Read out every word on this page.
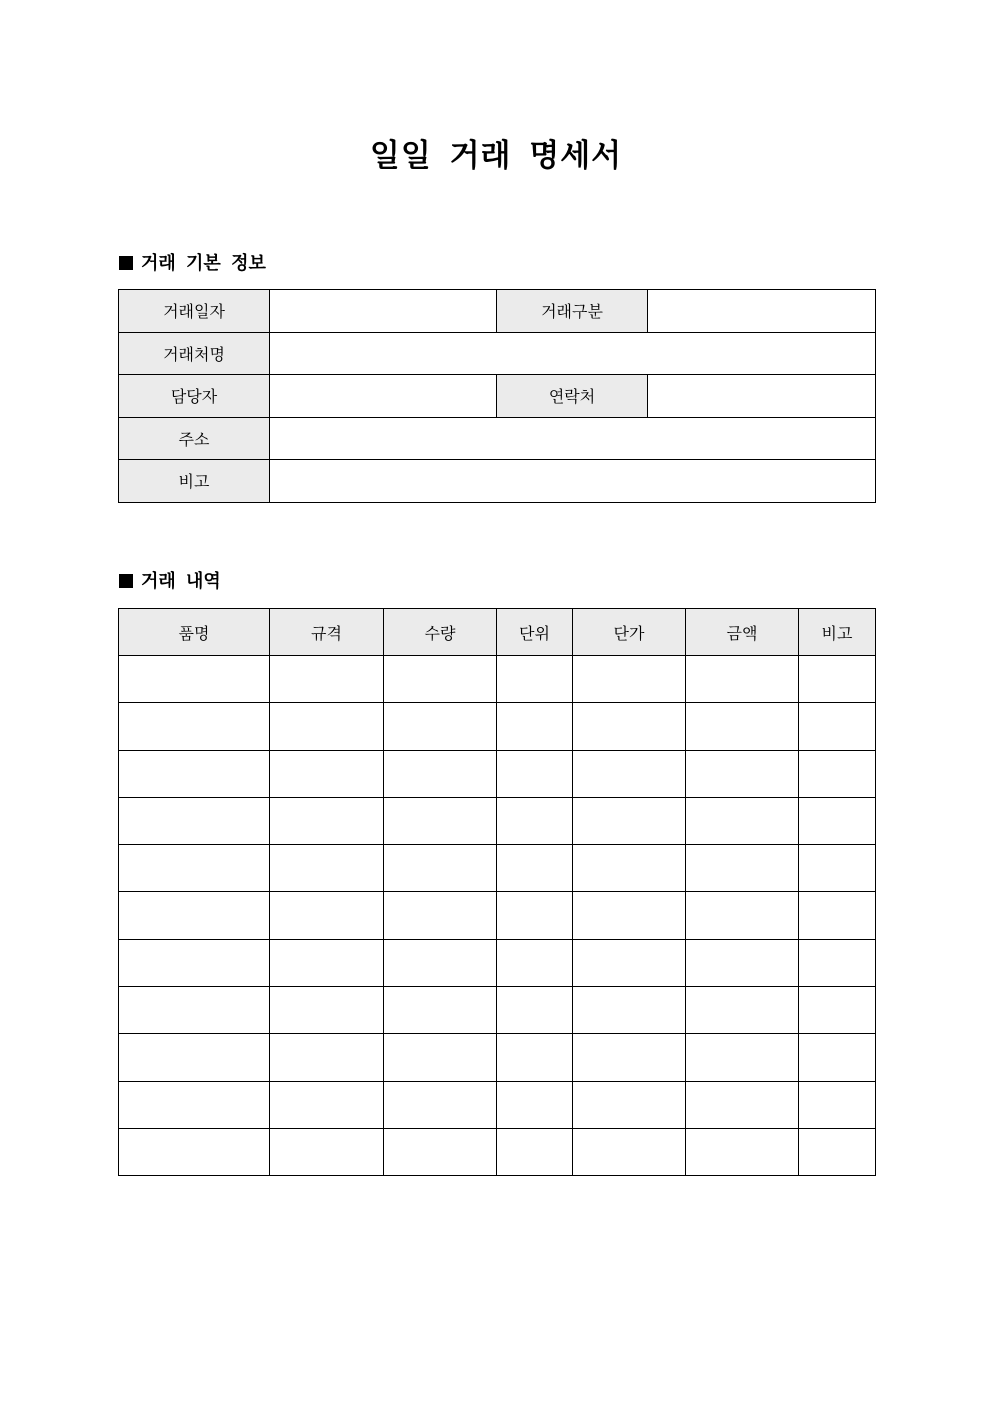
일일 거래 명세서
거래 기본 정보
거래일자		거래구분	
거래처명			
담당자		연락처	
주소			
비고			
거래 내역
품명	규격	수량	단위	단가	금액	비고
